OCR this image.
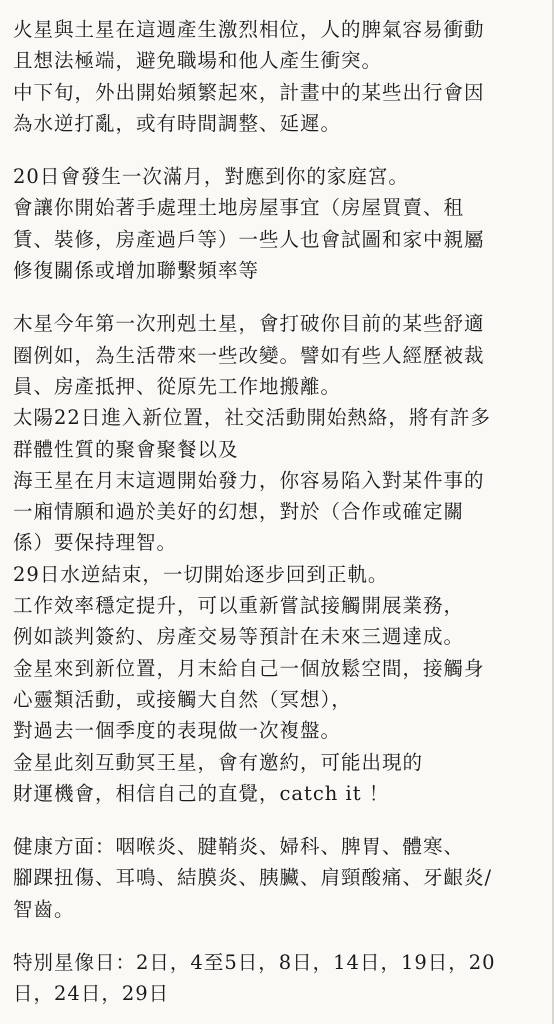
火星與土星在這週產生激烈相位，人的脾氣容易衝動
且想法極端，避免職場和他人產生衝突。
中下旬，外出開始頻繁起來，計畫中的某些出行會因
為水逆打亂，或有時間調整、延遲。
20日會發生一次滿月，對應到你的家庭宮。
會讓你開始著手處理土地房屋事宜（房屋買賣、租
賃、裝修，房產過戶等）一些人也會試圖和家中親屬
修復關係或增加聯繫頻率等
木星今年第一次刑剋土星，會打破你目前的某些舒適
圈例如，為生活帶來一些改變。譬如有些人經歷被裁
員、房產抵押、從原先工作地搬離。
太陽22日進入新位置，社交活動開始熱絡，將有許多
群體性質的聚會聚餐以及
海王星在月末這週開始發力，你容易陷入對某件事的
一廂情願和過於美好的幻想，對於（合作或確定關
係）要保持理智。
29日水逆結束，一切開始逐步回到正軌。
工作效率穩定提升，可以重新嘗試接觸開展業務，
例如談判簽約、房產交易等預計在未來三週達成。
金星來到新位置，月末給自己一個放鬆空間，接觸身
心靈類活動，或接觸大自然（冥想），
對過去一個季度的表現做一次複盤。
金星此刻互動冥王星，會有邀約，可能出現的
財運機會，相信自己的直覺，catch it ！
健康方面：咽喉炎、腱鞘炎、婦科、脾胃、體寒、
腳踝扭傷、耳鳴、結膜炎、胰臟、肩頸酸痛、牙齦炎/
智齒。
特別星像日：2日，4至5日，8日，14日，19日，20
日，24日，29日
